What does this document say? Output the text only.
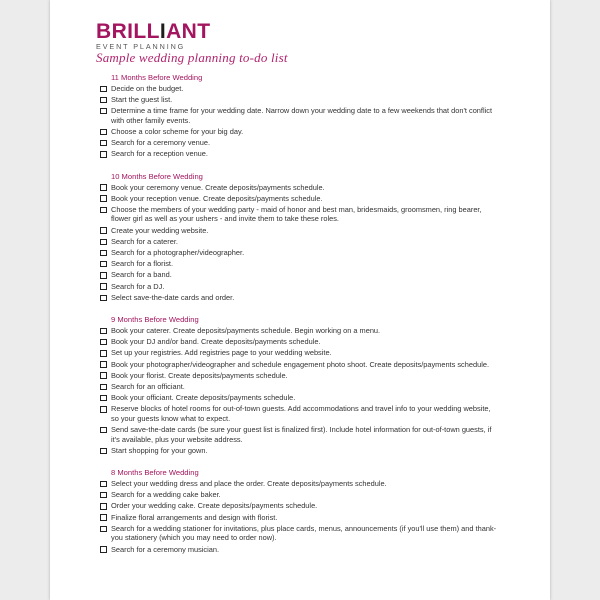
BRILLIANT
EVENT PLANNING
Sample wedding planning to-do list
11 Months Before Wedding
Decide on the budget.
Start the guest list.
Determine a time frame for your wedding date. Narrow down your wedding date to a few weekends that don't conflict with other family events.
Choose a color scheme for your big day.
Search for a ceremony venue.
Search for a reception venue.
10 Months Before Wedding
Book your ceremony venue. Create deposits/payments schedule.
Book your reception venue. Create deposits/payments schedule.
Choose the members of your wedding party - maid of honor and best man, bridesmaids, groomsmen, ring bearer, flower girl as well as your ushers - and invite them to take these roles.
Create your wedding website.
Search for a caterer.
Search for a photographer/videographer.
Search for a florist.
Search for a band.
Search for a DJ.
Select save-the-date cards and order.
9 Months Before Wedding
Book your caterer. Create deposits/payments schedule. Begin working on a menu.
Book your DJ and/or band. Create deposits/payments schedule.
Set up your registries. Add registries page to your wedding website.
Book your photographer/videographer and schedule engagement photo shoot. Create deposits/payments schedule.
Book your florist. Create deposits/payments schedule.
Search for an officiant.
Book your officiant. Create deposits/payments schedule.
Reserve blocks of hotel rooms for out-of-town guests. Add accommodations and travel info to your wedding website, so your guests know what to expect.
Send save-the-date cards (be sure your guest list is finalized first). Include hotel information for out-of-town guests, if it's available, plus your website address.
Start shopping for your gown.
8 Months Before Wedding
Select your wedding dress and place the order. Create deposits/payments schedule.
Search for a wedding cake baker.
Order your wedding cake. Create deposits/payments schedule.
Finalize floral arrangements and design with florist.
Search for a wedding stationer for invitations, plus place cards, menus, announcements (if you'll use them) and thank-you stationery (which you may need to order now).
Search for a ceremony musician.
